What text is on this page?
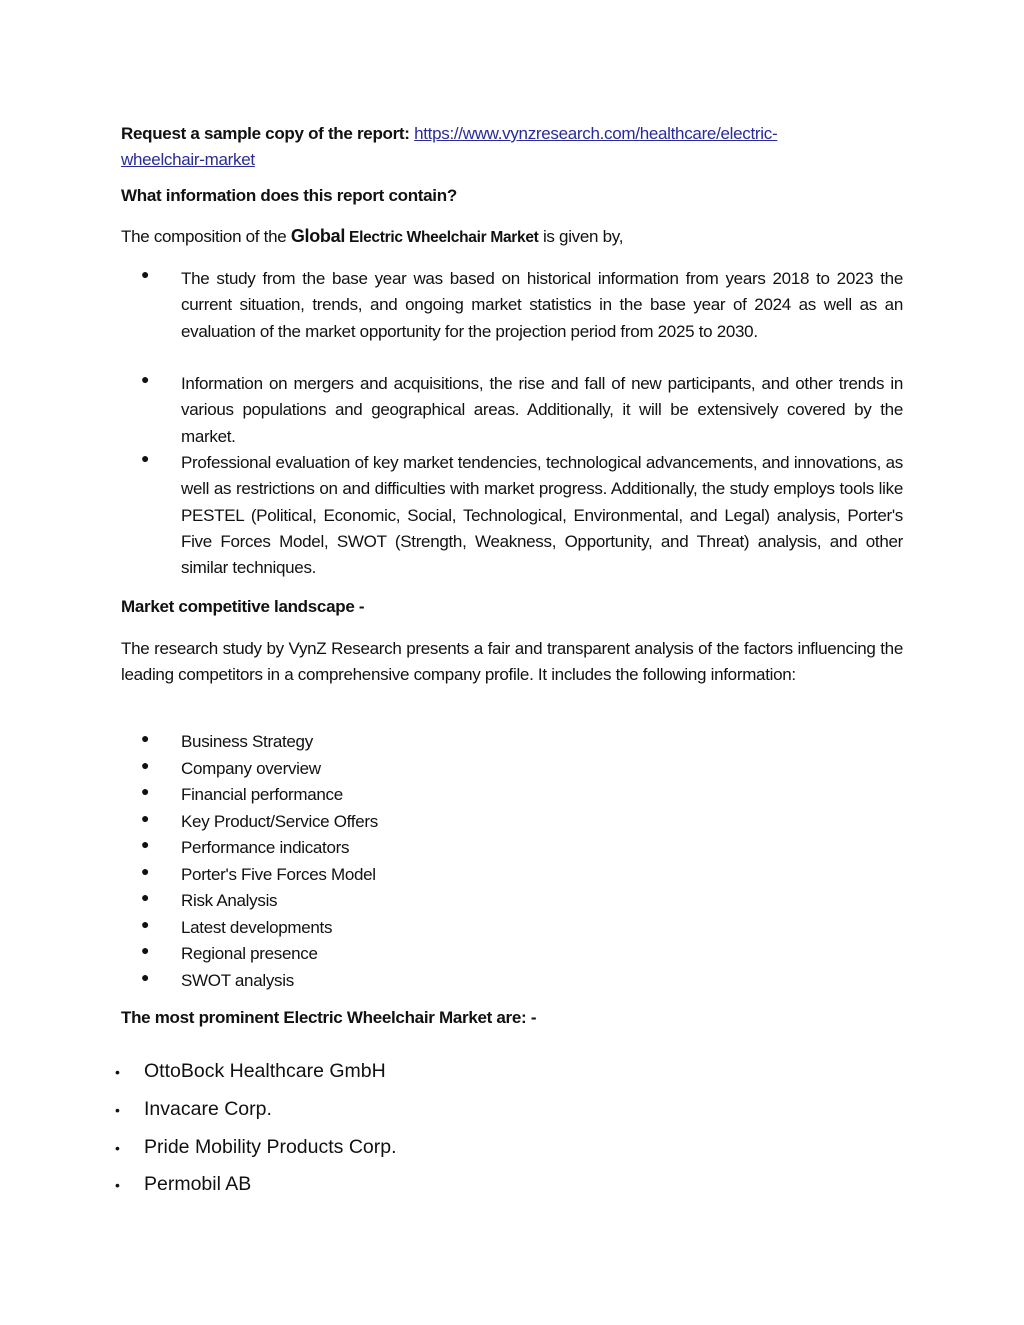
Request a sample copy of the report: https://www.vynzresearch.com/healthcare/electric-
wheelchair-market
What information does this report contain?
The composition of the Global Electric Wheelchair Market is given by,
● The study from the base year was based on historical information from years 2018 to 2023 the current situation, trends, and ongoing market statistics in the base year of 2024 as well as an evaluation of the market opportunity for the projection period from 2025 to 2030.
● Information on mergers and acquisitions, the rise and fall of new participants, and other trends in various populations and geographical areas. Additionally, it will be extensively covered by the market.
● Professional evaluation of key market tendencies, technological advancements, and innovations, as well as restrictions on and difficulties with market progress. Additionally, the study employs tools like PESTEL (Political, Economic, Social, Technological, Environmental, and Legal) analysis, Porter's Five Forces Model, SWOT (Strength, Weakness, Opportunity, and Threat) analysis, and other similar techniques.
Market competitive landscape -
The research study by VynZ Research presents a fair and transparent analysis of the factors influencing the leading competitors in a comprehensive company profile. It includes the following information:
● Business Strategy
● Company overview
● Financial performance
● Key Product/Service Offers
● Performance indicators
● Porter's Five Forces Model
● Risk Analysis
● Latest developments
● Regional presence
● SWOT analysis
The most prominent Electric Wheelchair Market are: -
• OttoBock Healthcare GmbH
• Invacare Corp.
• Pride Mobility Products Corp.
• Permobil AB
